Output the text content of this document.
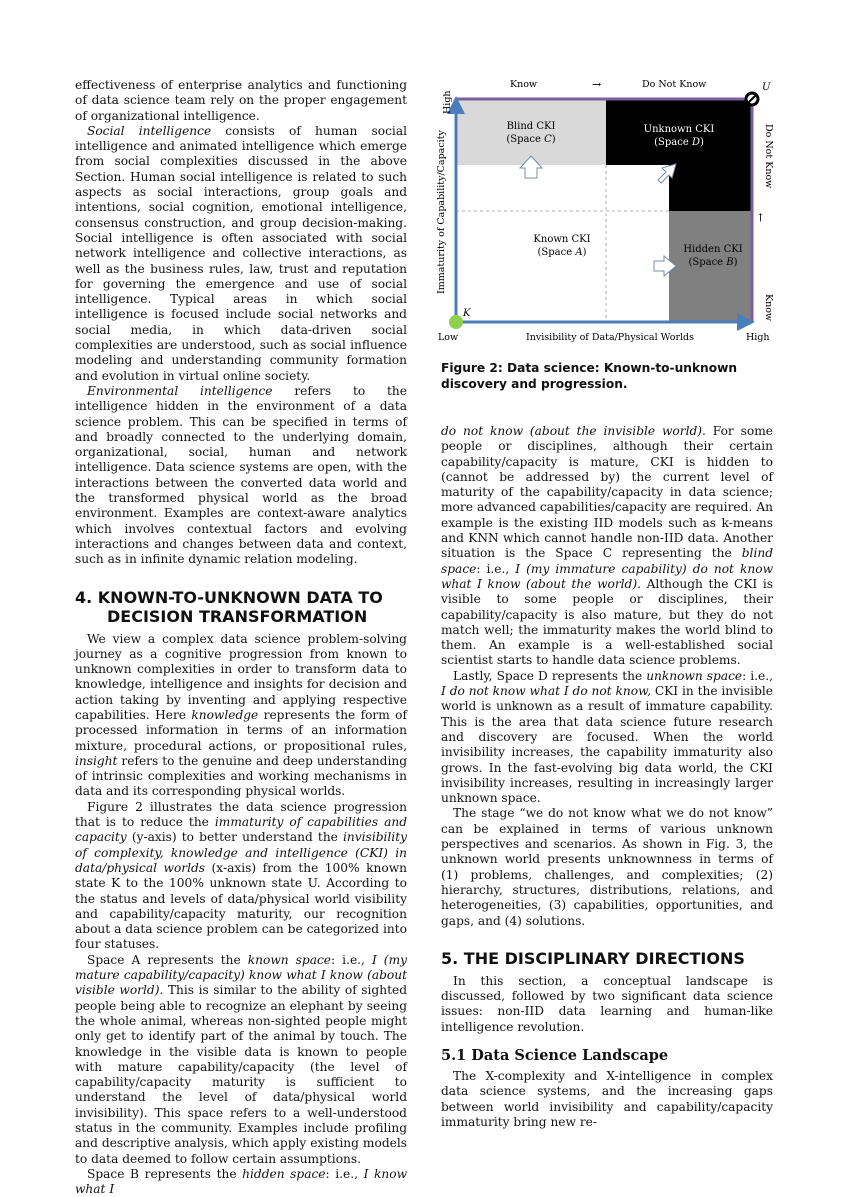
effectiveness of enterprise analytics and functioning of data science team rely on the proper engagement of organizational intelligence.

Social intelligence consists of human social intelligence and animated intelligence which emerge from social complexities discussed in the above Section. Human social intelligence is related to such aspects as social interactions, group goals and intentions, social cognition, emotional intelligence, consensus construction, and group decision-making. Social intelligence is often associated with social network intelligence and collective interactions, as well as the business rules, law, trust and reputation for governing the emergence and use of social intelligence. Typical areas in which social intelligence is focused include social networks and social media, in which data-driven social complexities are understood, such as social influence modeling and understanding community formation and evolution in virtual online society.

Environmental intelligence refers to the intelligence hidden in the environment of a data science problem. This can be specified in terms of and broadly connected to the underlying domain, organizational, social, human and network intelligence. Data science systems are open, with the interactions between the converted data world and the transformed physical world as the broad environment. Examples are context-aware analytics which involves contextual factors and evolving interactions and changes between data and context, such as in infinite dynamic relation modeling.

4. KNOWN-TO-UNKNOWN DATA TO DECISION TRANSFORMATION

We view a complex data science problem-solving journey as a cognitive progression from known to unknown complexities in order to transform data to knowledge, intelligence and insights for decision and action taking by inventing and applying respective capabilities. Here knowledge represents the form of processed information in terms of an information mixture, procedural actions, or propositional rules, insight refers to the genuine and deep understanding of intrinsic complexities and working mechanisms in data and its corresponding physical worlds.

Figure 2 illustrates the data science progression that is to reduce the immaturity of capabilities and capacity (y-axis) to better understand the invisibility of complexity, knowledge and intelligence (CKI) in data/physical worlds (x-axis) from the 100% known state K to the 100% unknown state U. According to the status and levels of data/physical world visibility and capability/capacity maturity, our recognition about a data science problem can be categorized into four statuses.

Space A represents the known space: i.e., I (my mature capability/capacity) know what I know (about visible world). This is similar to the ability of sighted people being able to recognize an elephant by seeing the whole animal, whereas non-sighted people might only get to identify part of the animal by touch. The knowledge in the visible data is known to people with mature capability/capacity (the level of capability/capacity maturity is sufficient to understand the level of data/physical world invisibility). This space refers to a well-understood status in the community. Examples include profiling and descriptive analysis, which apply existing models to data deemed to follow certain assumptions.

Space B represents the hidden space: i.e., I know what I

K
U
Know	→	Do Not Know
Low	Invisibility of Data/Physical Worlds	High
High
Immaturity of Capability/Capacity	Do Not Know
→
Know
Blind CKI
(Space C)
Unknown CKI
(Space D)
Known CKI
(Space A)	Hidden CKI
(Space B)
Figure 2: Data science: Known-to-unknown discovery and progression.

do not know (about the invisible world). For some people or disciplines, although their certain capability/capacity is mature, CKI is hidden to (cannot be addressed by) the current level of maturity of the capability/capacity in data science; more advanced capabilities/capacity are required. An example is the existing IID models such as k-means and KNN which cannot handle non-IID data. Another situation is the Space C representing the blind space: i.e., I (my immature capability) do not know what I know (about the world). Although the CKI is visible to some people or disciplines, their capability/capacity is also mature, but they do not match well; the immaturity makes the world blind to them. An example is a well-established social scientist starts to handle data science problems.

Lastly, Space D represents the unknown space: i.e., I do not know what I do not know, CKI in the invisible world is unknown as a result of immature capability. This is the area that data science future research and discovery are focused. When the world invisibility increases, the capability immaturity also grows. In the fast-evolving big data world, the CKI invisibility increases, resulting in increasingly larger unknown space.

The stage “we do not know what we do not know” can be explained in terms of various unknown perspectives and scenarios. As shown in Fig. 3, the unknown world presents unknownness in terms of (1) problems, challenges, and complexities; (2) hierarchy, structures, distributions, relations, and heterogeneities, (3) capabilities, opportunities, and gaps, and (4) solutions.

5. THE DISCIPLINARY DIRECTIONS

In this section, a conceptual landscape is discussed, followed by two significant data science issues: non-IID data learning and human-like intelligence revolution.

5.1 Data Science Landscape

The X-complexity and X-intelligence in complex data science systems, and the increasing gaps between world invisibility and capability/capacity immaturity bring new re-
